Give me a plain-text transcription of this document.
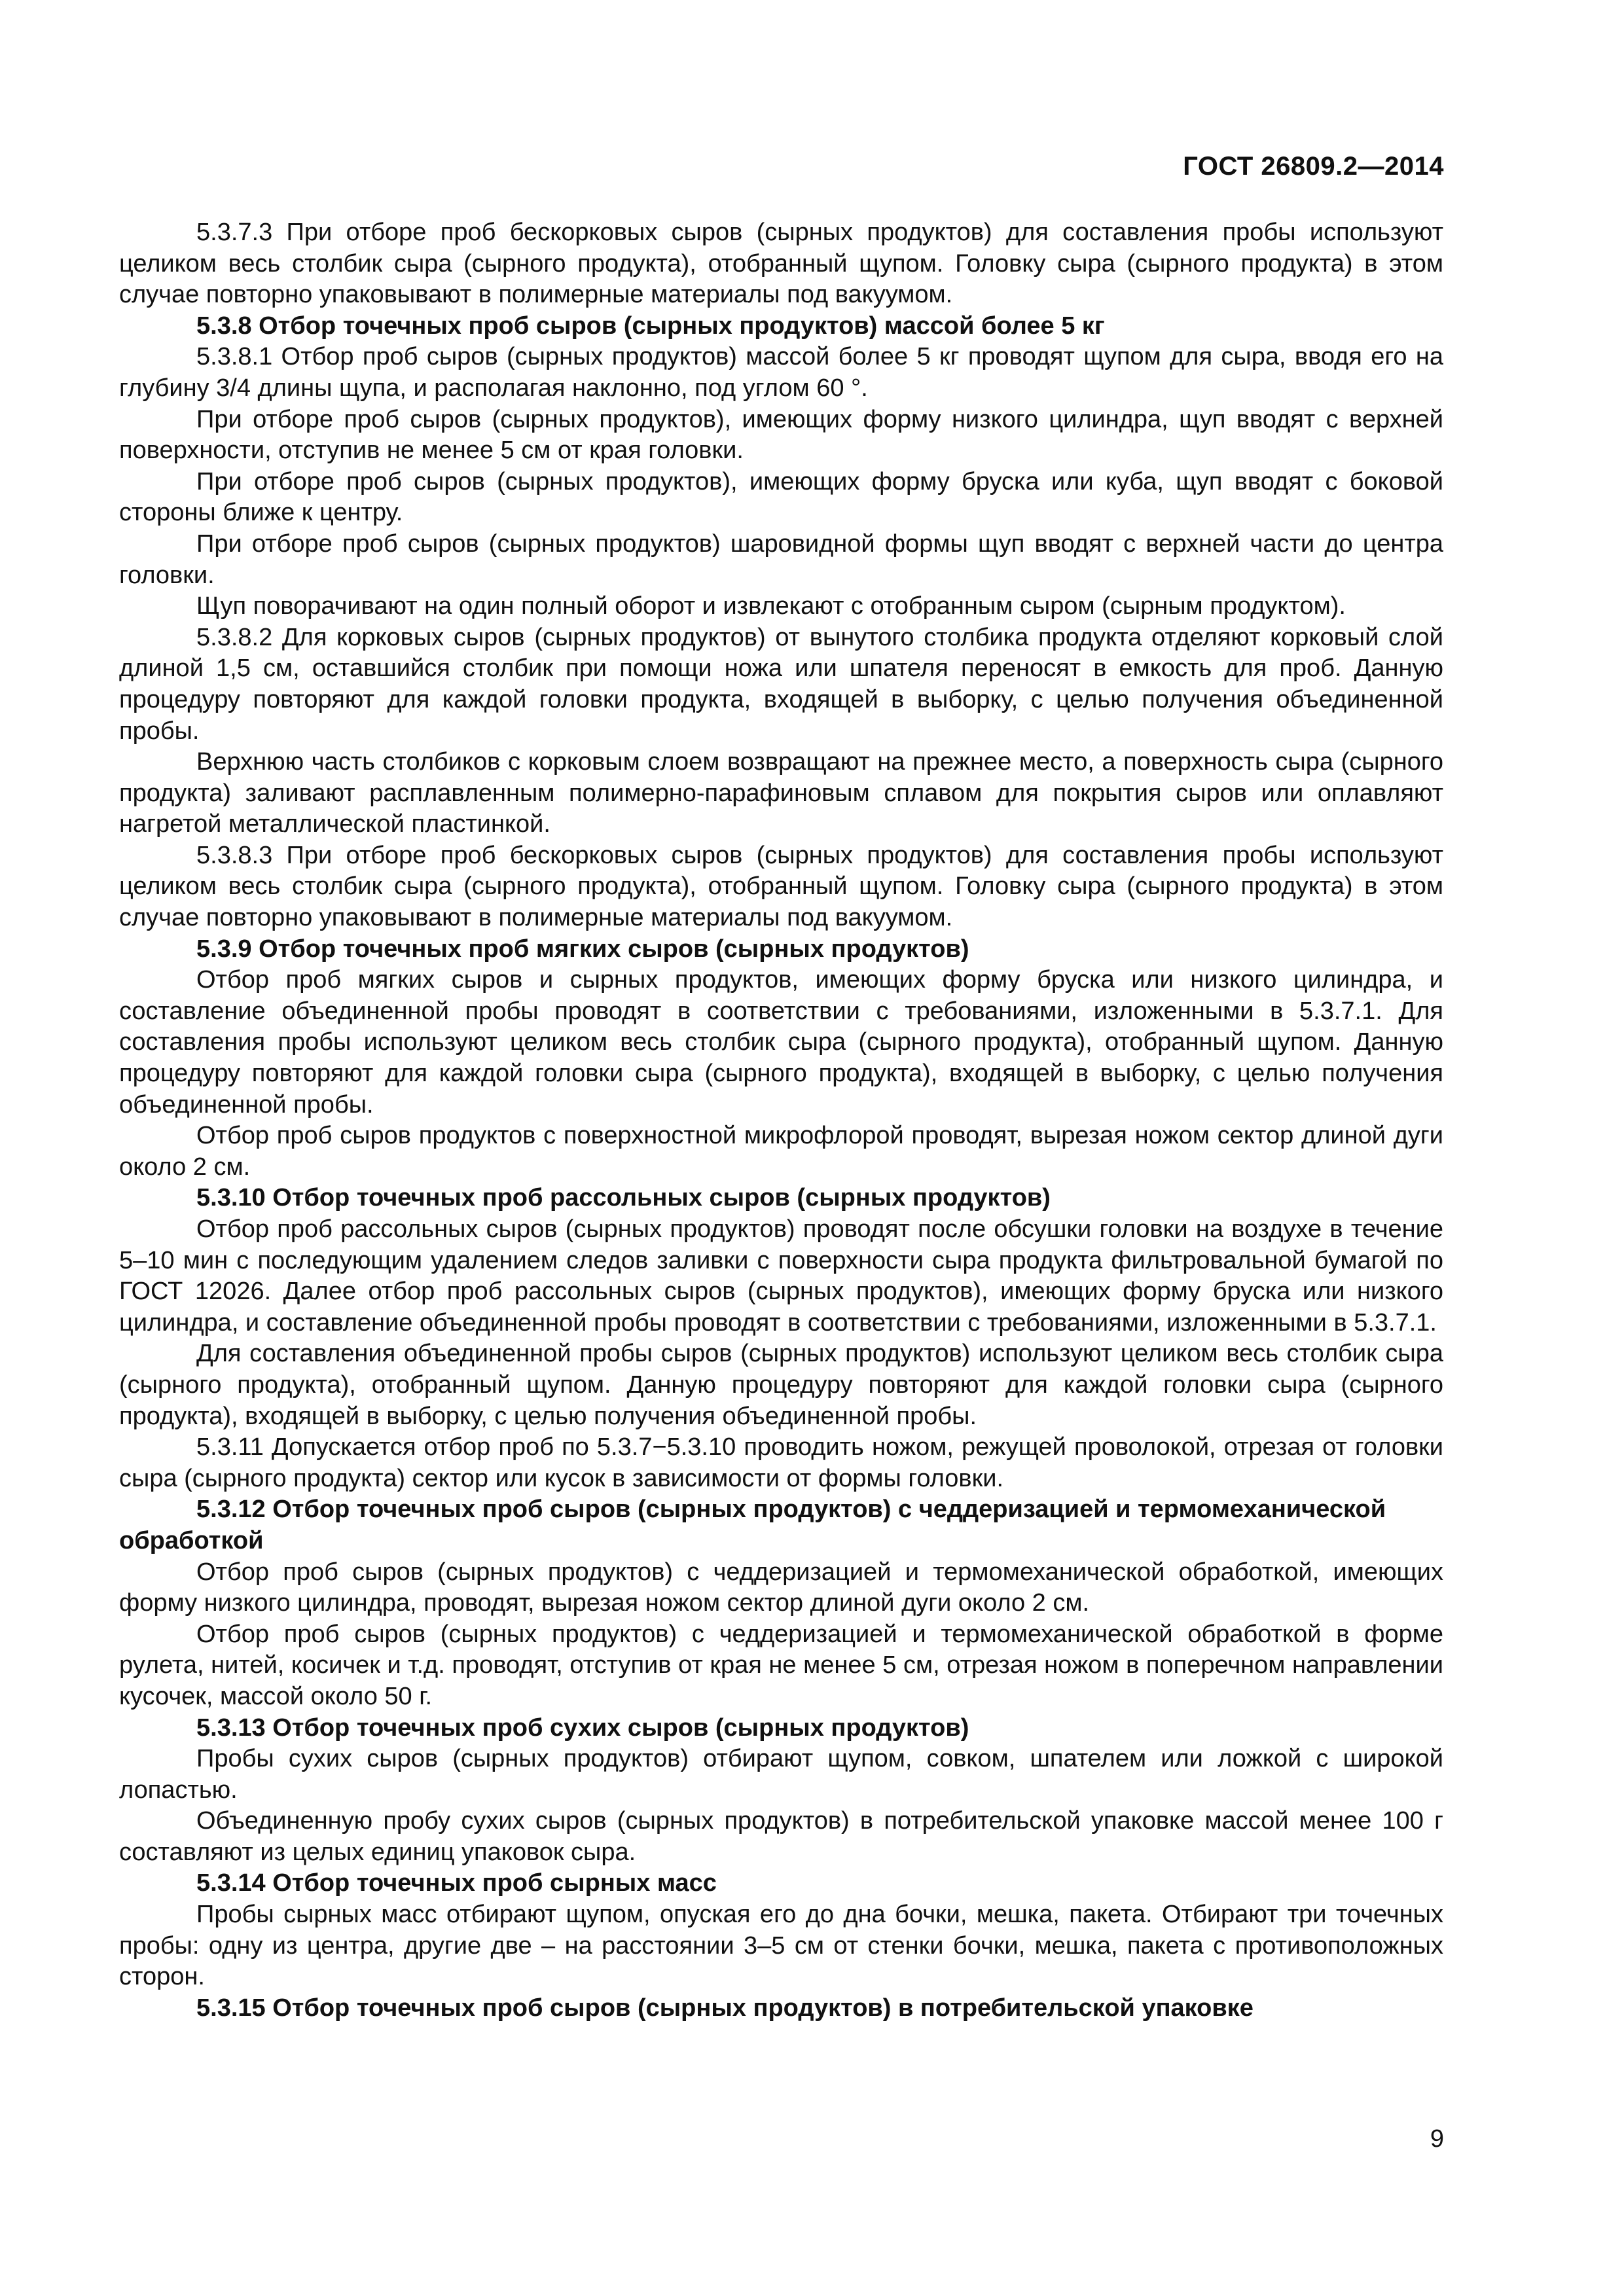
ГОСТ 26809.2—2014

5.3.7.3 При отборе проб бескорковых сыров (сырных продуктов) для составления пробы используют целиком весь столбик сыра (сырного продукта), отобранный щупом. Головку сыра (сырного продукта) в этом случае повторно упаковывают в полимерные материалы под вакуумом.

5.3.8 Отбор точечных проб сыров (сырных продуктов) массой более 5 кг

5.3.8.1 Отбор проб сыров (сырных продуктов) массой более 5 кг проводят щупом для сыра, вводя его на глубину 3/4 длины щупа, и располагая наклонно, под углом 60 °.

При отборе проб сыров (сырных продуктов), имеющих форму низкого цилиндра, щуп вводят с верхней поверхности, отступив не менее 5 см от края головки.

При отборе проб сыров (сырных продуктов), имеющих форму бруска или куба, щуп вводят с боковой стороны ближе к центру.

При отборе проб сыров (сырных продуктов) шаровидной формы щуп вводят с верхней части до центра головки.

Щуп поворачивают на один полный оборот и извлекают с отобранным сыром (сырным продуктом).

5.3.8.2 Для корковых сыров (сырных продуктов) от вынутого столбика продукта отделяют корковый слой длиной 1,5 см, оставшийся столбик при помощи ножа или шпателя переносят в емкость для проб. Данную процедуру повторяют для каждой головки продукта, входящей в выборку, с целью получения объединенной пробы.

Верхнюю часть столбиков с корковым слоем возвращают на прежнее место, а поверхность сыра (сырного продукта) заливают расплавленным полимерно-парафиновым сплавом для покрытия сыров или оплавляют нагретой металлической пластинкой.

5.3.8.3 При отборе проб бескорковых сыров (сырных продуктов) для составления пробы используют целиком весь столбик сыра (сырного продукта), отобранный щупом. Головку сыра (сырного продукта) в этом случае повторно упаковывают в полимерные материалы под вакуумом.

5.3.9 Отбор точечных проб мягких сыров (сырных продуктов)

Отбор проб мягких сыров и сырных продуктов, имеющих форму бруска или низкого цилиндра, и составление объединенной пробы проводят в соответствии с требованиями, изложенными в 5.3.7.1. Для составления пробы используют целиком весь столбик сыра (сырного продукта), отобранный щупом. Данную процедуру повторяют для каждой головки сыра (сырного продукта), входящей в выборку, с целью получения объединенной пробы.

Отбор проб сыров продуктов с поверхностной микрофлорой проводят, вырезая ножом сектор длиной дуги около 2 см.

5.3.10 Отбор точечных проб рассольных сыров (сырных продуктов)

Отбор проб рассольных сыров (сырных продуктов) проводят после обсушки головки на воздухе в течение 5–10 мин с последующим удалением следов заливки с поверхности сыра продукта фильтровальной бумагой по ГОСТ 12026. Далее отбор проб рассольных сыров (сырных продуктов), имеющих форму бруска или низкого цилиндра, и составление объединенной пробы проводят в соответствии с требованиями, изложенными в 5.3.7.1.

Для составления объединенной пробы сыров (сырных продуктов) используют целиком весь столбик сыра (сырного продукта), отобранный щупом. Данную процедуру повторяют для каждой головки сыра (сырного продукта), входящей в выборку, с целью получения объединенной пробы.

5.3.11 Допускается отбор проб по 5.3.7−5.3.10 проводить ножом, режущей проволокой, отрезая от головки сыра (сырного продукта) сектор или кусок в зависимости от формы головки.

5.3.12 Отбор точечных проб сыров (сырных продуктов) с чеддеризацией и термомеханической обработкой

Отбор проб сыров (сырных продуктов) с чеддеризацией и термомеханической обработкой, имеющих форму низкого цилиндра, проводят, вырезая ножом сектор длиной дуги около 2 см.

Отбор проб сыров (сырных продуктов) с чеддеризацией и термомеханической обработкой в форме рулета, нитей, косичек и т.д. проводят, отступив от края не менее 5 см, отрезая ножом в поперечном направлении кусочек, массой около 50 г.

5.3.13 Отбор точечных проб сухих сыров (сырных продуктов)

Пробы сухих сыров (сырных продуктов) отбирают щупом, совком, шпателем или ложкой с широкой лопастью.

Объединенную пробу сухих сыров (сырных продуктов) в потребительской упаковке массой менее 100 г составляют из целых единиц упаковок сыра.

5.3.14 Отбор точечных проб сырных масс

Пробы сырных масс отбирают щупом, опуская его до дна бочки, мешка, пакета. Отбирают три точечных пробы: одну из центра, другие две – на расстоянии 3–5 см от стенки бочки, мешка, пакета с противоположных сторон.

5.3.15 Отбор точечных проб сыров (сырных продуктов) в потребительской упаковке

9
